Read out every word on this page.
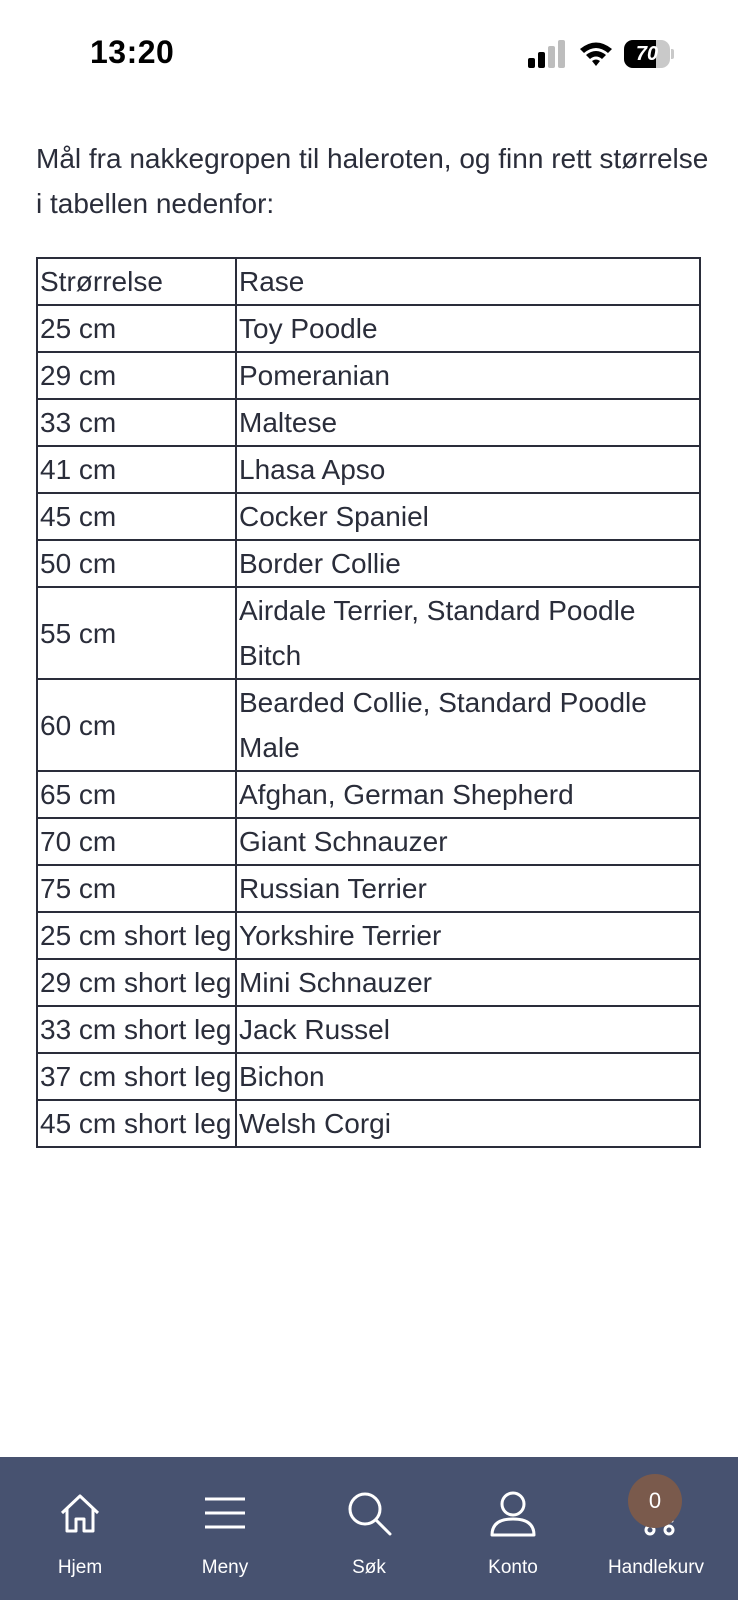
13:20	70

Mål fra nakkegropen til haleroten, og finn rett størrelse i tabellen nedenfor:

Strørrelse	Rase
25 cm	Toy Poodle
29 cm	Pomeranian
33 cm	Maltese
41 cm	Lhasa Apso
45 cm	Cocker Spaniel
50 cm	Border Collie
55 cm	Airdale Terrier, Standard Poodle Bitch
60 cm	Bearded Collie, Standard Poodle Male
65 cm	Afghan, German Shepherd
70 cm	Giant Schnauzer
75 cm	Russian Terrier
25 cm short leg	Yorkshire Terrier
29 cm short leg	Mini Schnauzer
33 cm short leg	Jack Russel
37 cm short leg	Bichon
45 cm short leg	Welsh Corgi
Hjem	Meny	Søk	Konto	Handlekurv
0
